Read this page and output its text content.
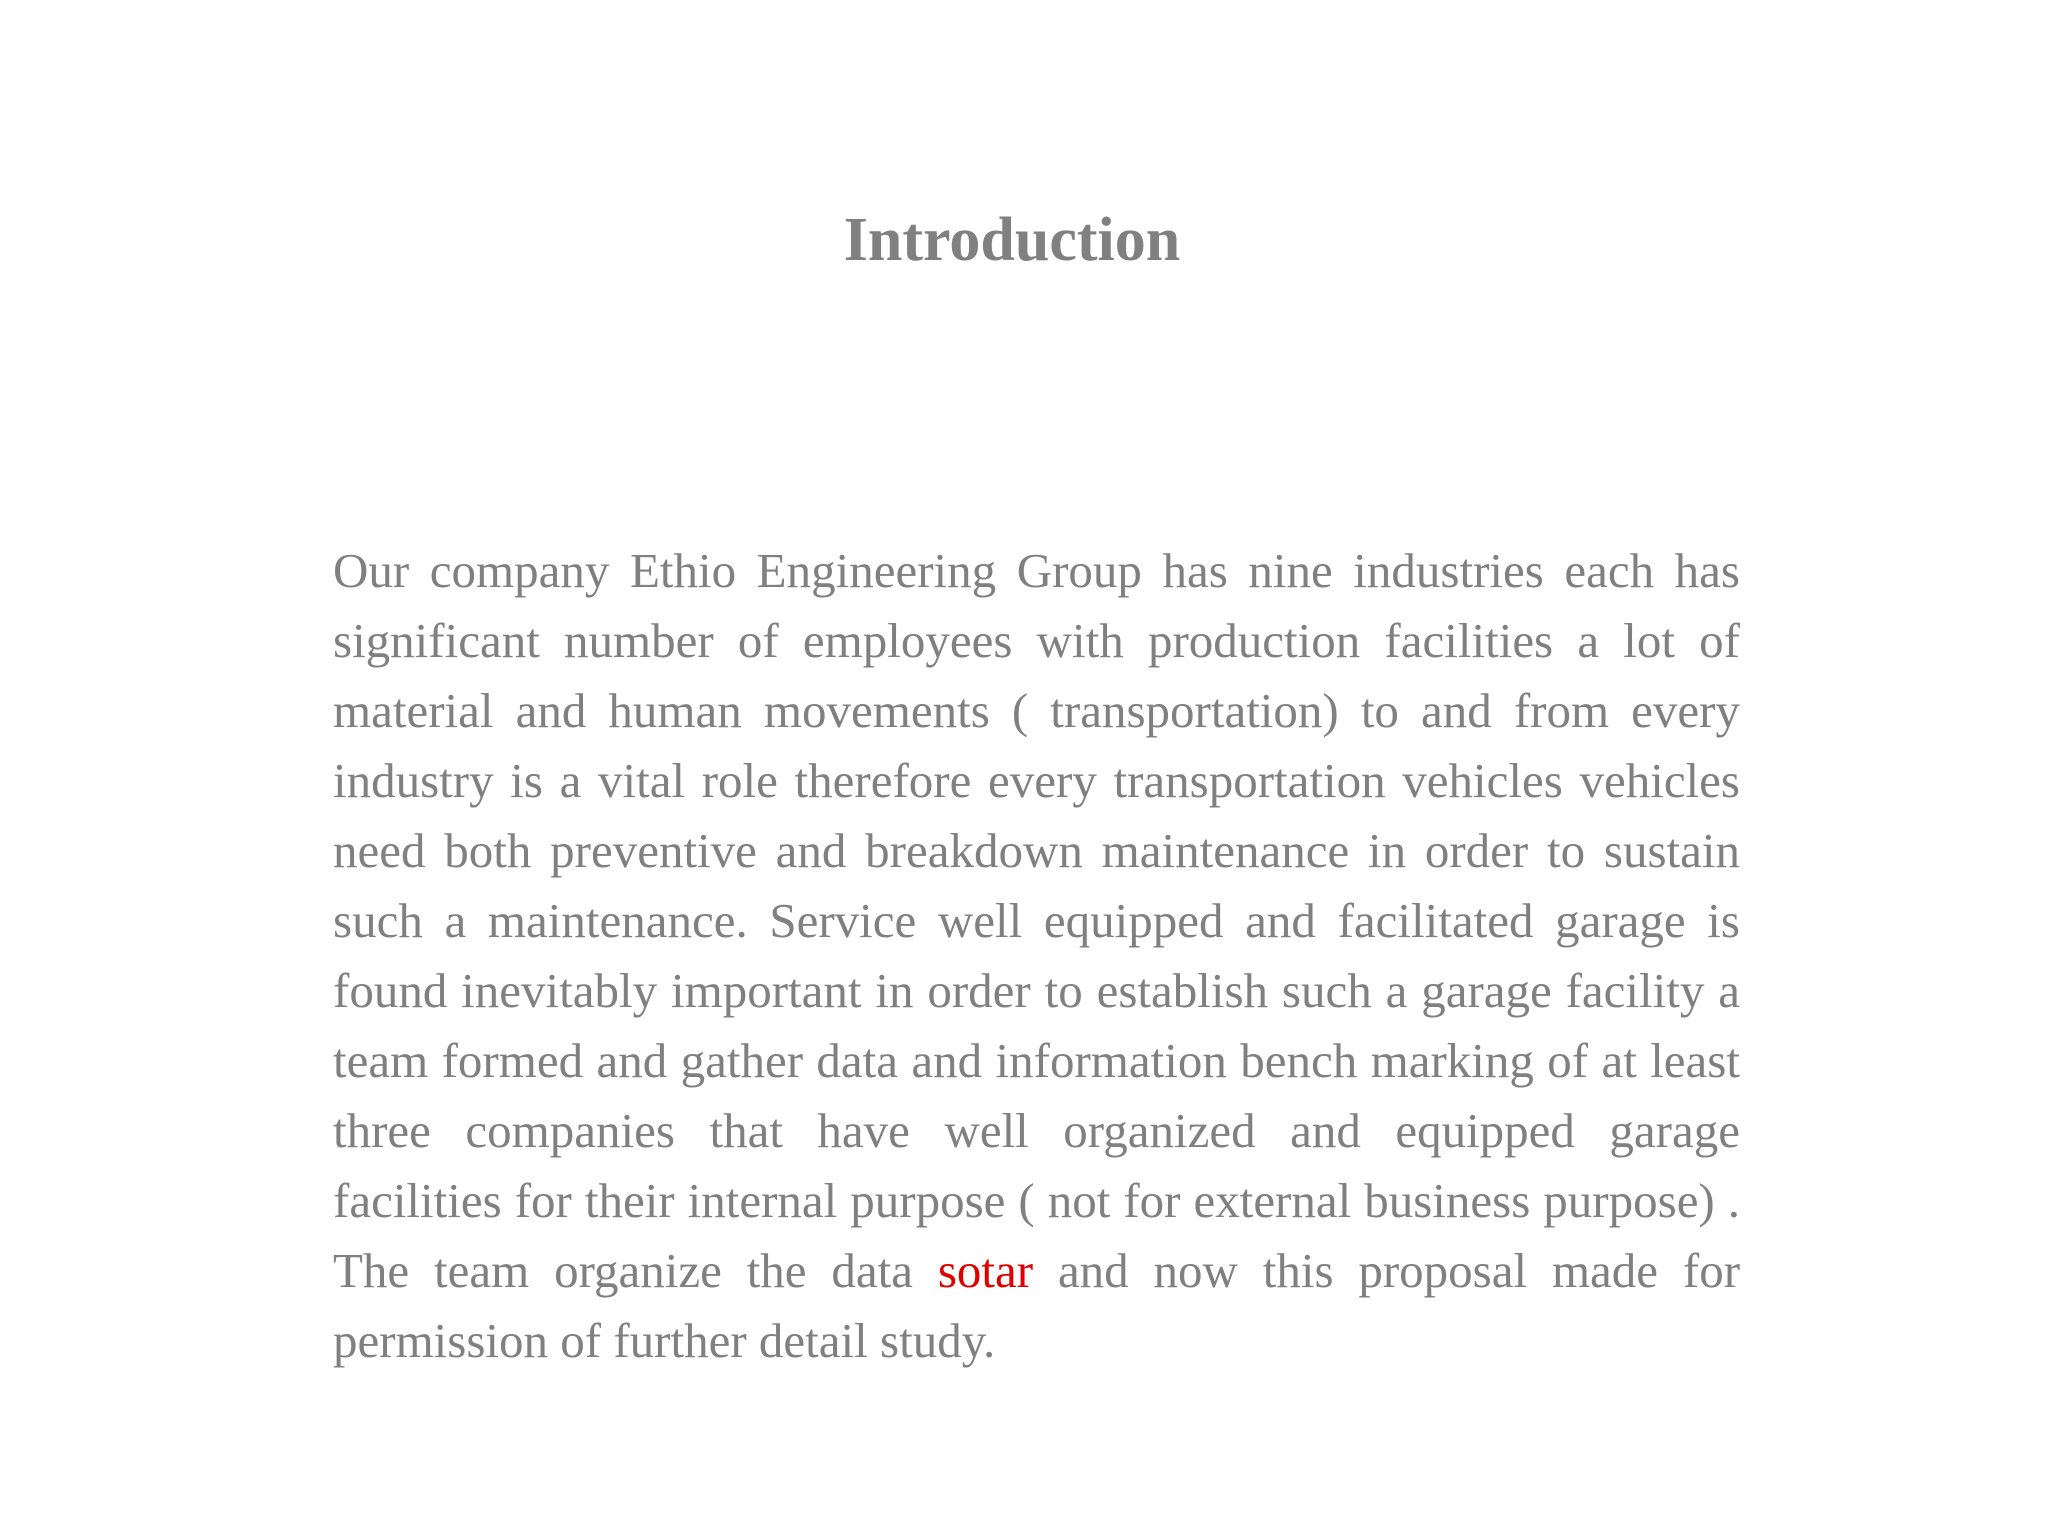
Introduction

Our company Ethio Engineering Group has nine industries each has significant number of employees with production facilities a lot of material and human movements ( transportation) to and from every industry is a vital role therefore every transportation vehicles vehicles need both preventive and breakdown maintenance in order to sustain such a maintenance. Service well equipped and facilitated garage is found inevitably important in order to establish such a garage facility a team formed and gather data and information bench marking of at least three companies that have well organized and equipped garage facilities for their internal purpose ( not for external business purpose) . The team organize the data sotar and now this proposal made for permission of further detail study.
